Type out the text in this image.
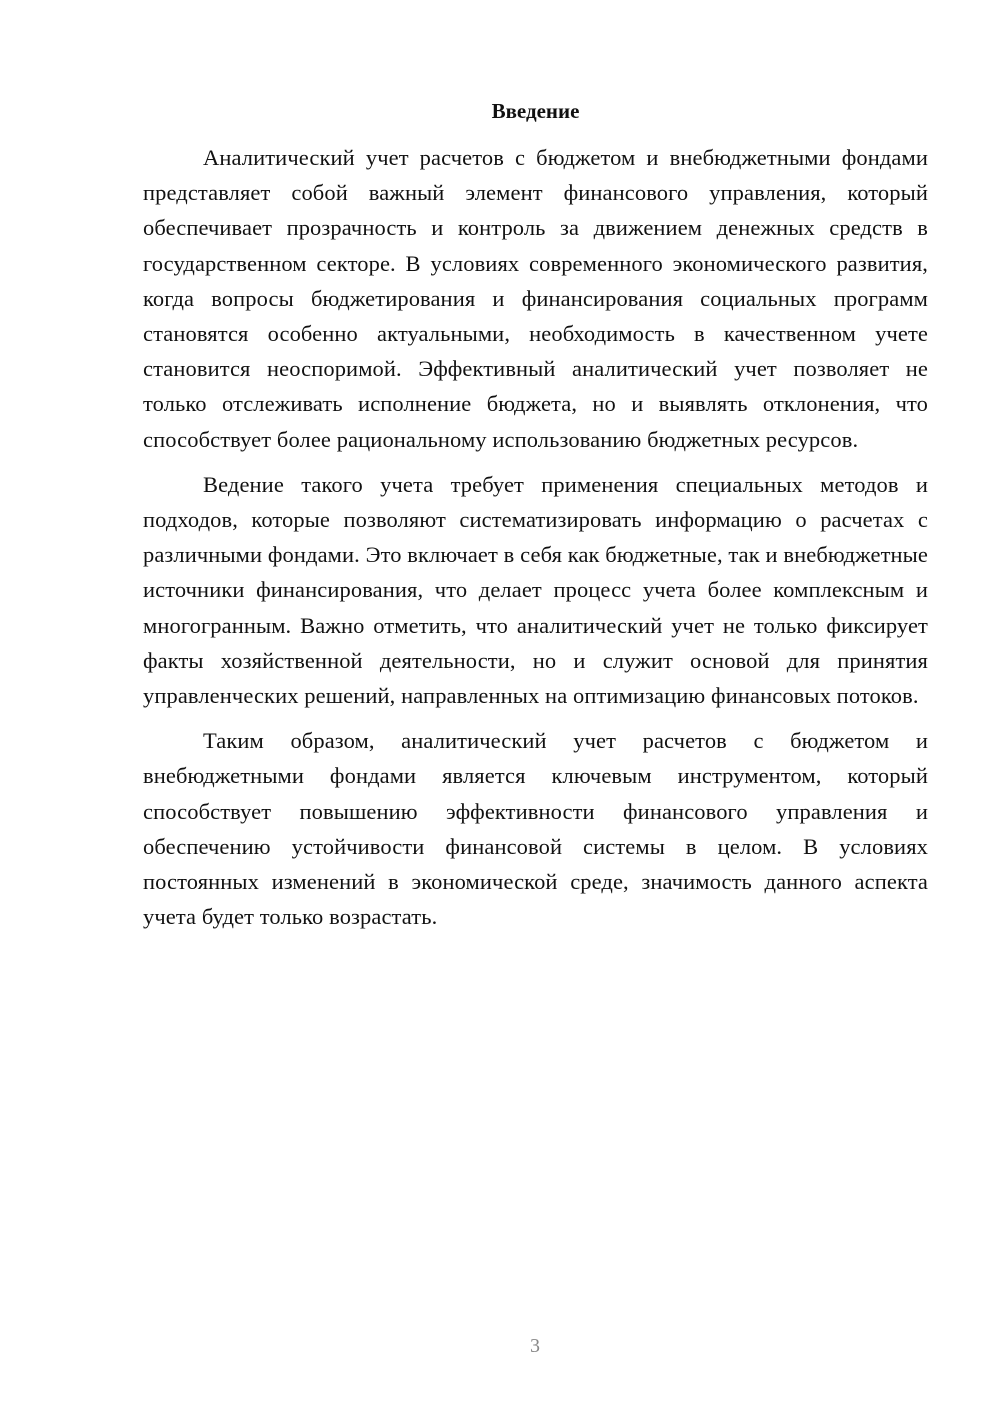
Введение

Аналитический учет расчетов с бюджетом и внебюджетными фондами представляет собой важный элемент финансового управления, который обеспечивает прозрачность и контроль за движением денежных средств в государственном секторе. В условиях современного экономического развития, когда вопросы бюджетирования и финансирования социальных программ становятся особенно актуальными, необходимость в качественном учете становится неоспоримой. Эффективный аналитический учет позволяет не только отслеживать исполнение бюджета, но и выявлять отклонения, что способствует более рациональному использованию бюджетных ресурсов.

Ведение такого учета требует применения специальных методов и подходов, которые позволяют систематизировать информацию о расчетах с различными фондами. Это включает в себя как бюджетные, так и внебюджетные источники финансирования, что делает процесс учета более комплексным и многогранным. Важно отметить, что аналитический учет не только фиксирует факты хозяйственной деятельности, но и служит основой для принятия управленческих решений, направленных на оптимизацию финансовых потоков.

Таким образом, аналитический учет расчетов с бюджетом и внебюджетными фондами является ключевым инструментом, который способствует повышению эффективности финансового управления и обеспечению устойчивости финансовой системы в целом. В условиях постоянных изменений в экономической среде, значимость данного аспекта учета будет только возрастать.

3
